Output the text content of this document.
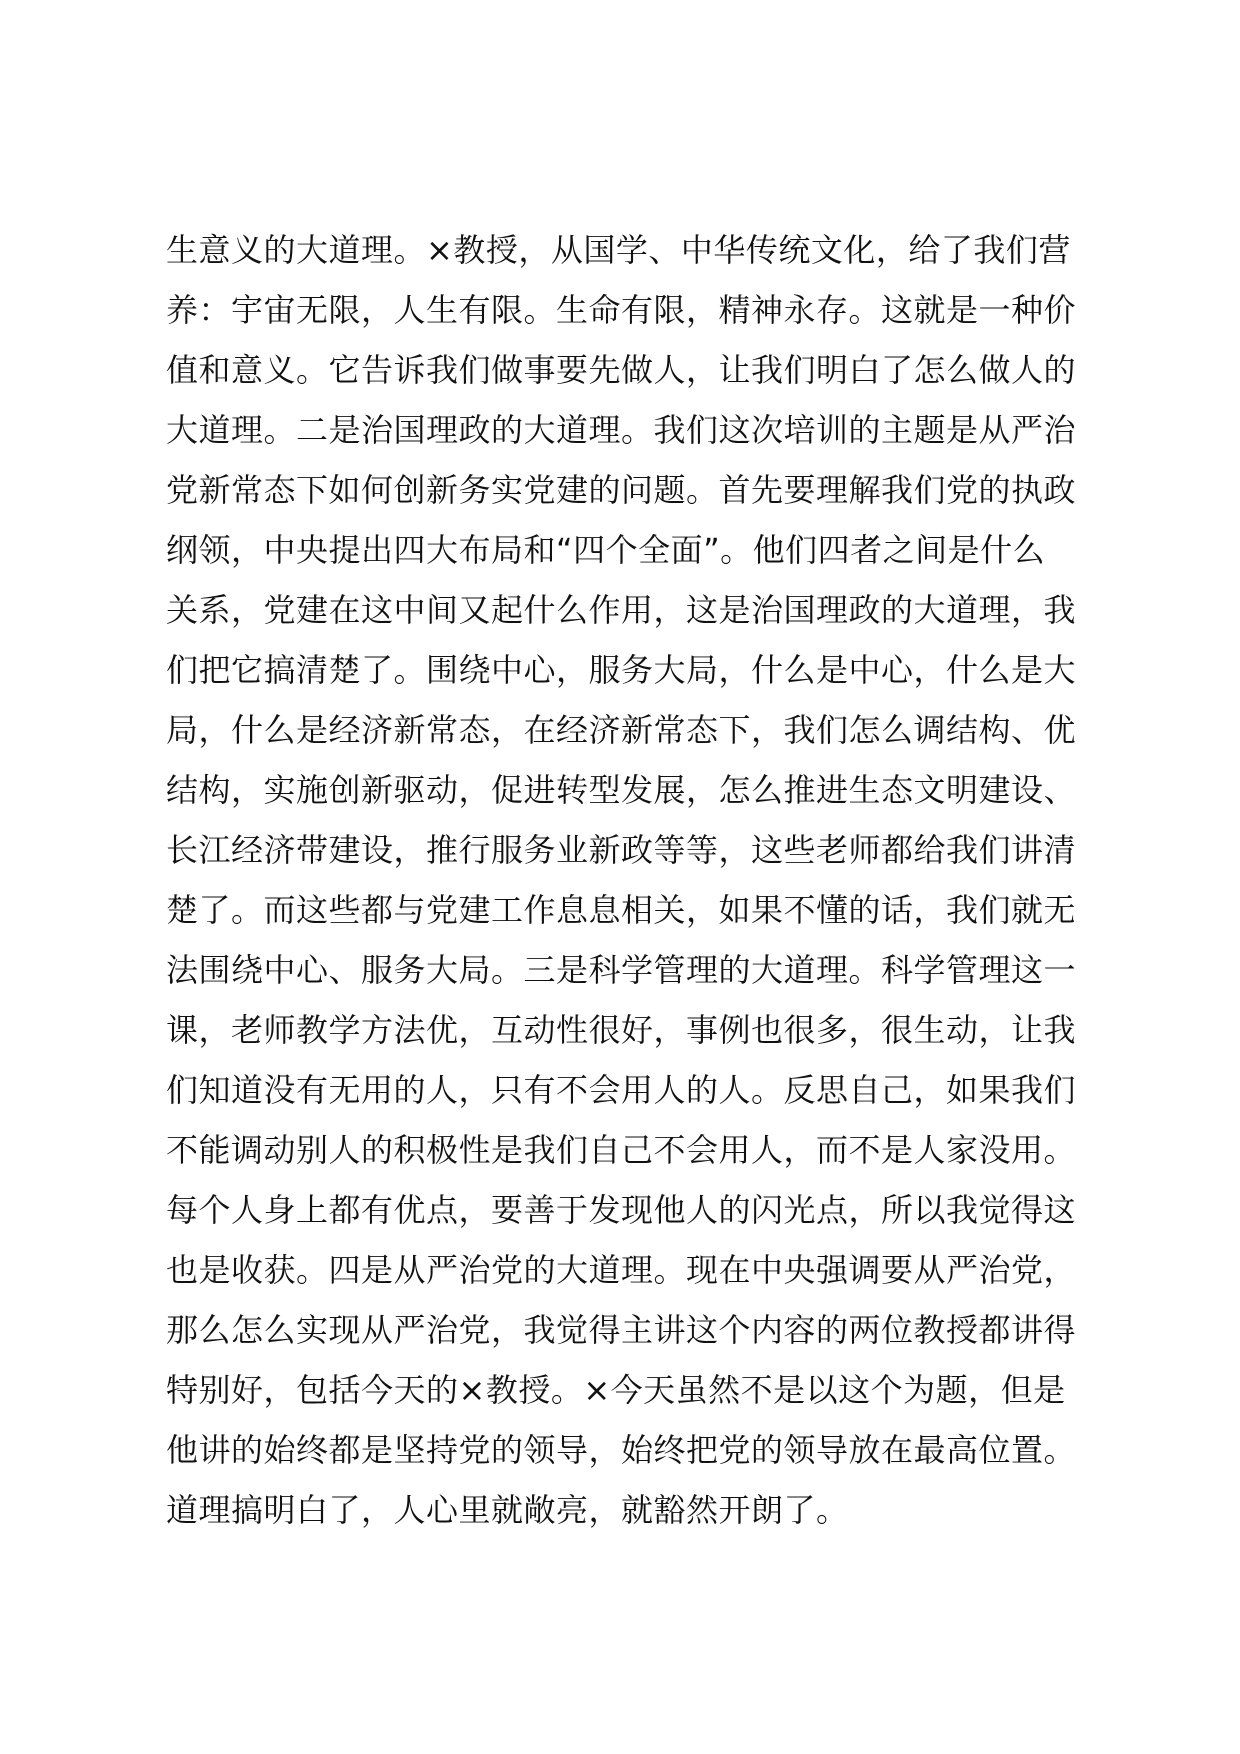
生意义的大道理。×教授，从国学、中华传统文化，给了我们营
养：宇宙无限，人生有限。生命有限，精神永存。这就是一种价
值和意义。它告诉我们做事要先做人，让我们明白了怎么做人的
大道理。二是治国理政的大道理。我们这次培训的主题是从严治
党新常态下如何创新务实党建的问题。首先要理解我们党的执政
纲领，中央提出四大布局和“四个全面”。他们四者之间是什么
关系，党建在这中间又起什么作用，这是治国理政的大道理，我
们把它搞清楚了。围绕中心，服务大局，什么是中心，什么是大
局，什么是经济新常态，在经济新常态下，我们怎么调结构、优
结构，实施创新驱动，促进转型发展，怎么推进生态文明建设、
长江经济带建设，推行服务业新政等等，这些老师都给我们讲清
楚了。而这些都与党建工作息息相关，如果不懂的话，我们就无
法围绕中心、服务大局。三是科学管理的大道理。科学管理这一
课，老师教学方法优，互动性很好，事例也很多，很生动，让我
们知道没有无用的人，只有不会用人的人。反思自己，如果我们
不能调动别人的积极性是我们自己不会用人，而不是人家没用。
每个人身上都有优点，要善于发现他人的闪光点，所以我觉得这
也是收获。四是从严治党的大道理。现在中央强调要从严治党，
那么怎么实现从严治党，我觉得主讲这个内容的两位教授都讲得
特别好，包括今天的×教授。×今天虽然不是以这个为题，但是
他讲的始终都是坚持党的领导，始终把党的领导放在最高位置。
道理搞明白了，人心里就敞亮，就豁然开朗了。
